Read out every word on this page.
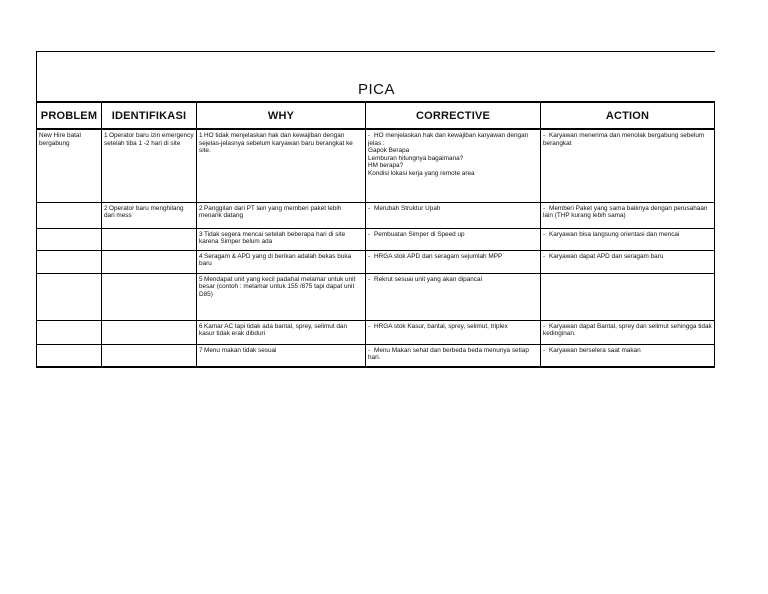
PICA
PROBLEM	IDENTIFIKASI	WHY	CORRECTIVE	ACTION

New Hire batal bergabung	1Operator baru izin emergency setelah tiba 1 -2 hari di site	1HO tidak menjelaskan hak dan kewajiban dengan sejelas-jelasnya sebelum karyawan baru berangkat ke site.	- HO menjelaskan hak dan kewajiban karyawan dengan jelas :
Gapok Berapa
Lemburan hitungnya bagaimana?
HM berapa?
Kondisi lokasi kerja yang remote area	- Karyawan menerima dan menolak bergabung sebelum berangkat

	2Operator baru menghilang dari mess	2Panggilan dari PT lain yang memberi paket lebih menarik datang	- Merubah Struktur Upah	- Memberi Paket yang sama baiknya dengan perusahaan lain (THP kurang lebih sama)

		3Tidak segera mencai setelah beberapa hari di site karena Simper belum ada	- Pembuatan Simper di Speed up	- Karyawan bisa langsung orientasi dan mencai

		4Seragam & APD yang di berikan adalah bekas buka baru	- HRGA stok APD dan seragam sejumlah MPP	- Karyawan dapat APD dan seragam baru

		5Mendapat unit yang kecil padahal melamar untuk unit besar (contoh : melamar untuk 155 /875 tapi dapat unit D85)	- Rekrut sesuai unit yang akan dipancal	

		6Kamar AC tapi tidak ada bantal, sprey, selimut dan kasur tidak erak dibduri	- HRGA stok Kasur, bantal, sprey, selimut, triplex	- Karyawan dapat Bantal, sprey dan selimut sehingga tidak kedinginan.

		7Menu makan tidak sesuai	- Menu Makan sehat dan berbeda beda menunya setiap hari.	- Karyawan berselera saat makan
